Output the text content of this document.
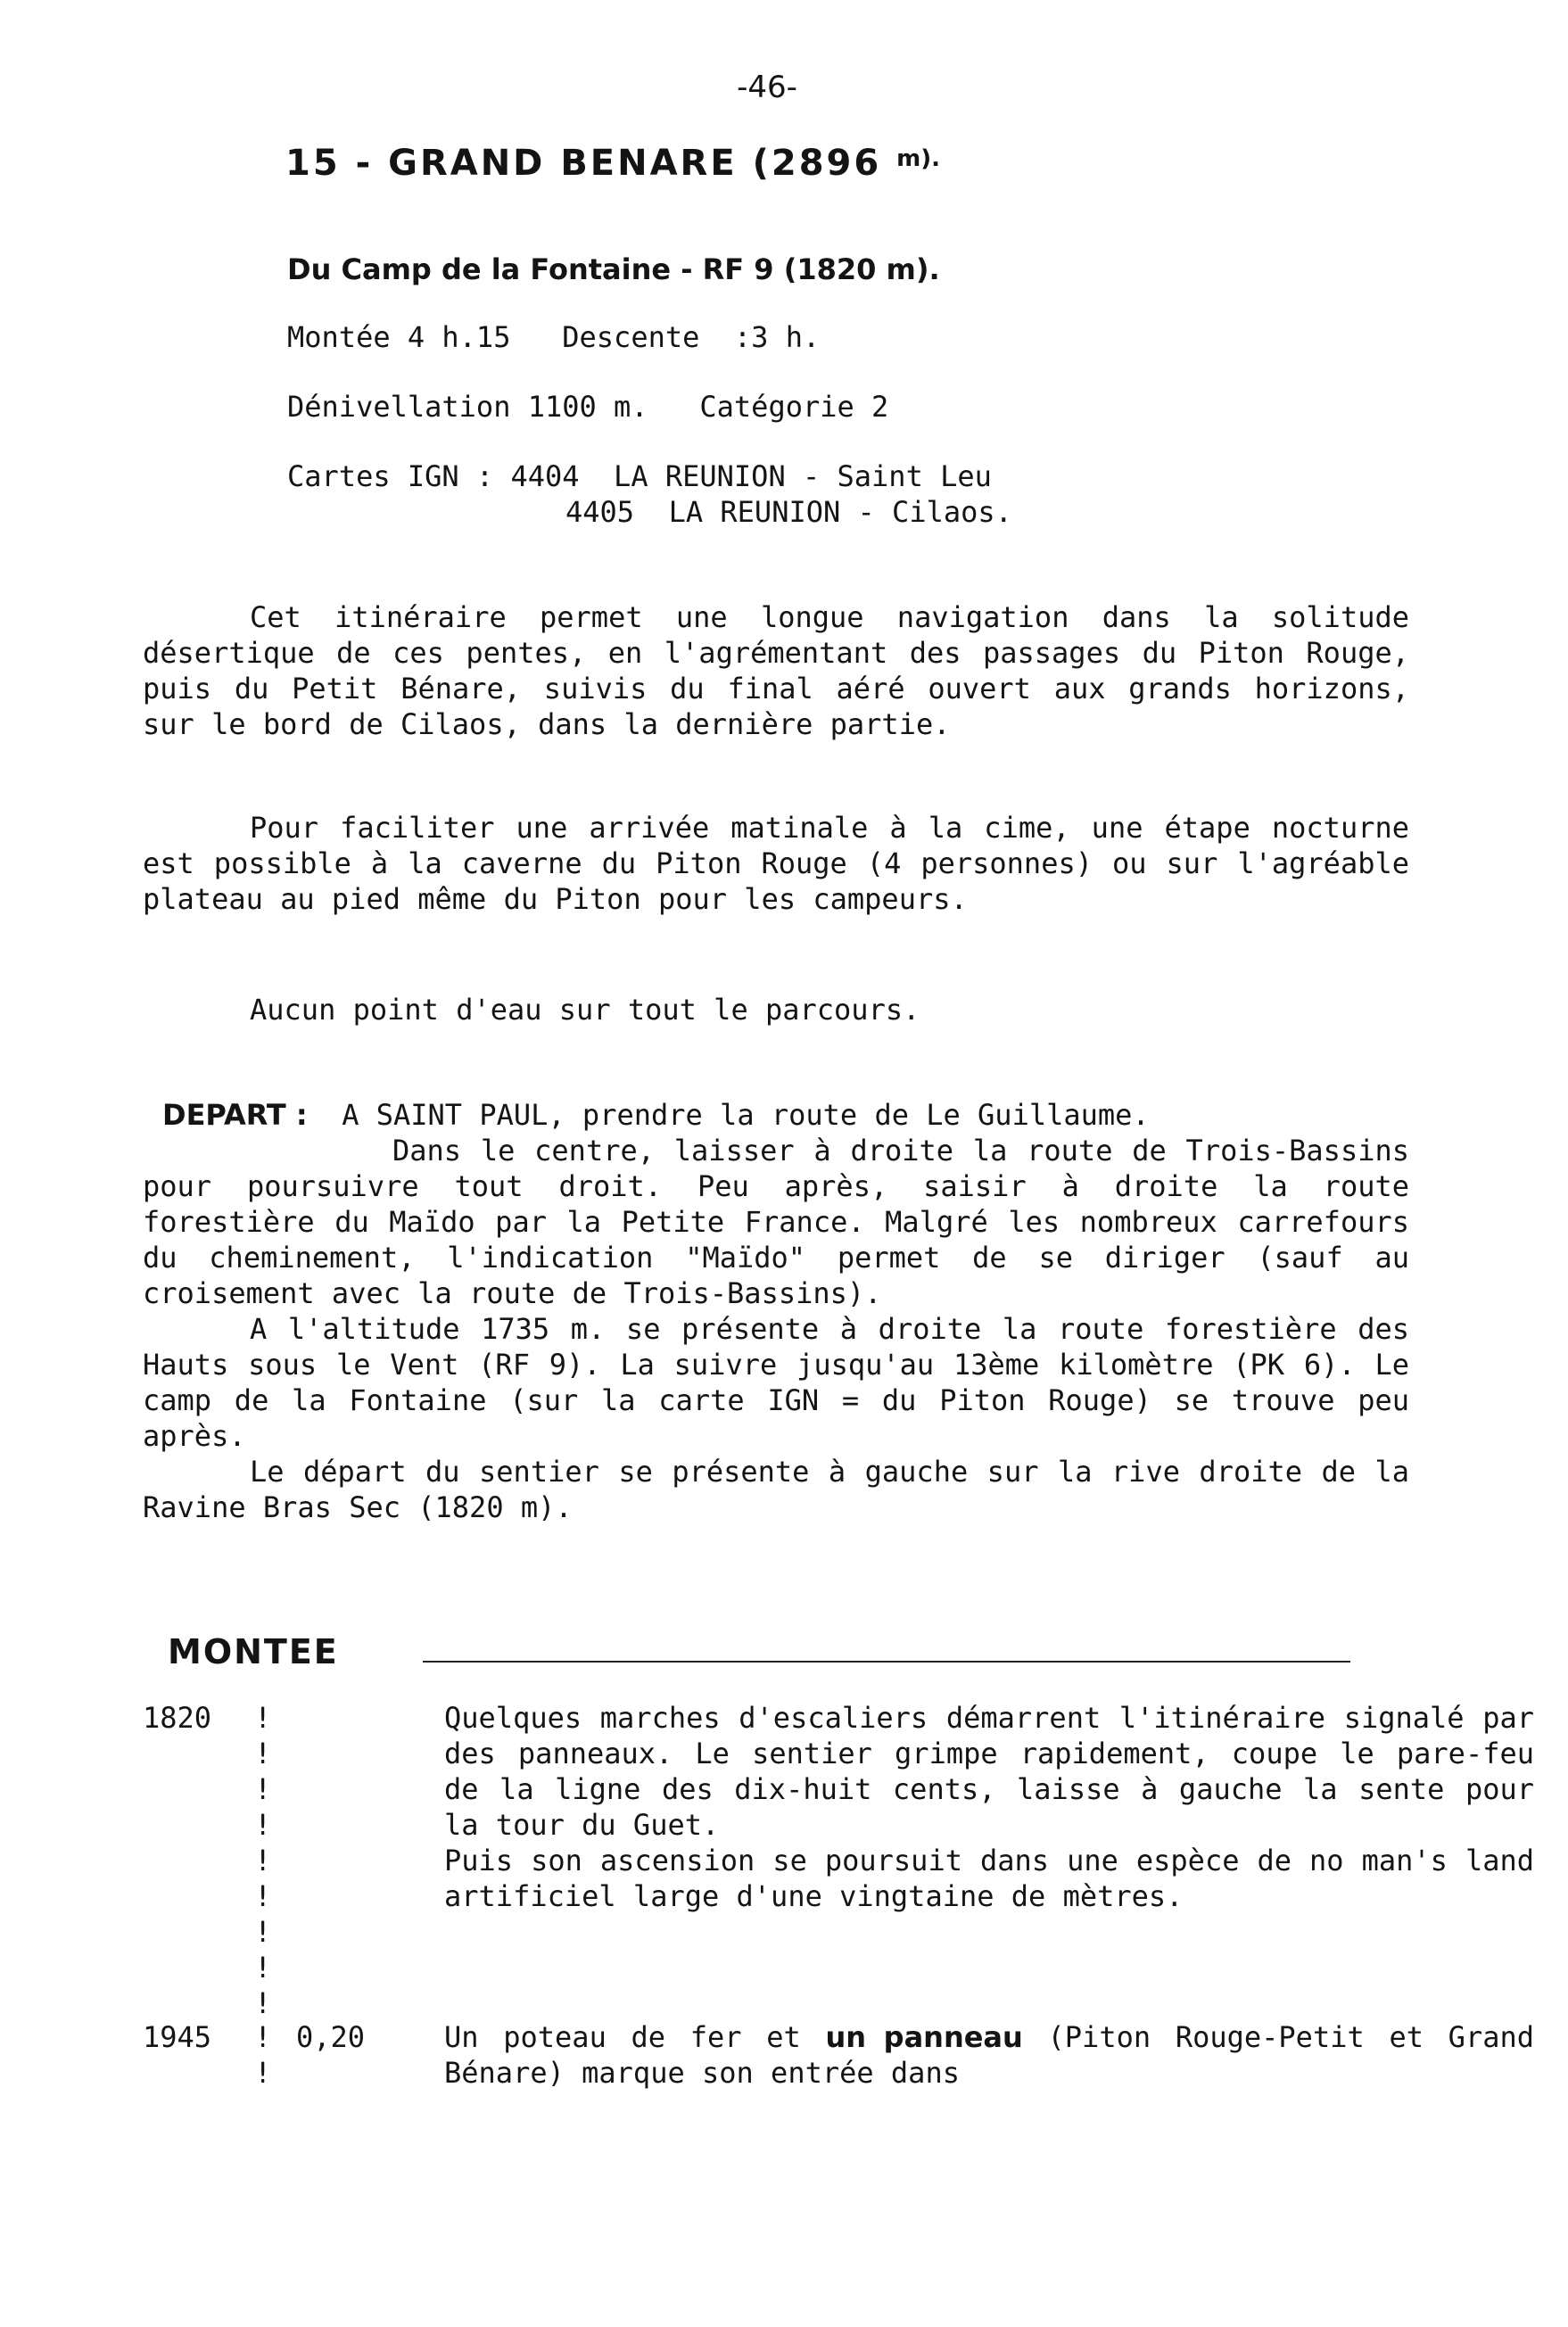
-46-
15 - GRAND BENARE (2896 $^{m).}$
Du Camp de la Fontaine - RF 9 (1820 m).
Montée 4 h.15   Descente  :3 h.
Dénivellation 1100 m.   Catégorie 2
Cartes IGN : 4404  LA REUNION - Saint Leu
4405  LA REUNION - Cilaos.

Cet itinéraire permet une longue navigation dans la solitude désertique de ces pentes, en l'agrémentant des passages du Piton Rouge, puis du Petit Bénare, suivis du final aéré ouvert aux grands horizons, sur le bord de Cilaos, dans la dernière partie.

Pour faciliter une arrivée matinale à la cime, une étape nocturne est possible à la caverne du Piton Rouge (4 personnes) ou sur l'agréable plateau au pied même du Piton pour les campeurs.

Aucun point d'eau sur tout le parcours.

DEPART : A SAINT PAUL, prendre la route de Le Guillaume.

Dans le centre, laisser à droite la route de Trois-Bassins pour poursuivre tout droit. Peu après, saisir à droite la route forestière du Maïdo par la Petite France. Malgré les nombreux carrefours du cheminement, l'indication "Maïdo" permet de se diriger (sauf au croisement avec la route de Trois-Bassins).

A l'altitude 1735 m. se présente à droite la route forestière des Hauts sous le Vent (RF 9). La suivre jusqu'au 13ème kilomètre (PK 6). Le camp de la Fontaine (sur la carte IGN = du Piton Rouge) se trouve peu après.

Le départ du sentier se présente à gauche sur la rive droite de la Ravine Bras Sec (1820 m).

MONTEE
1820 !
!
!
!
!
!
!
!
!

Quelques marches d'escaliers démarrent l'itinéraire signalé par des panneaux. Le sentier grimpe rapidement, coupe le pare-feu de la ligne des dix-huit cents, laisse à gauche la sente pour la tour du Guet.

Puis son ascension se poursuit dans une espèce de no man's land artificiel large d'une vingtaine de mètres.

1945 !
!
0,20	Un poteau de fer et un panneau (Piton Rouge-Petit et Grand Bénare) marque son entrée dans
